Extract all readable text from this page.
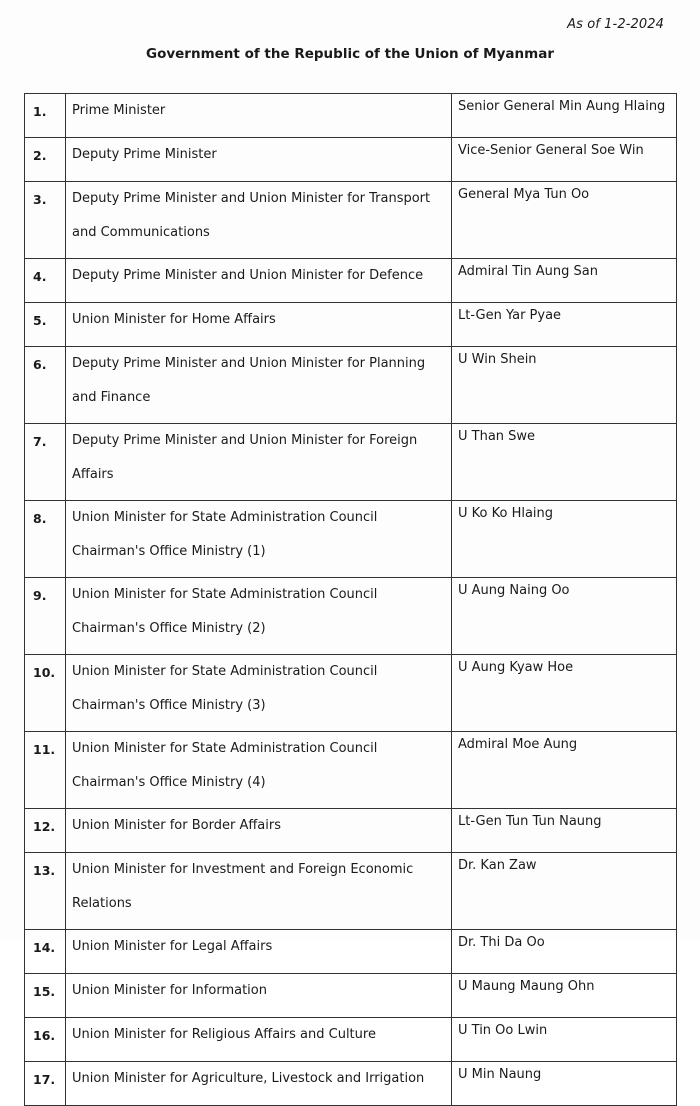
As of 1-2-2024
Government of the Republic of the Union of Myanmar
1.	Prime Minister	Senior General Min Aung Hlaing
2.	Deputy Prime Minister	Vice-Senior General Soe Win
3.	Deputy Prime Minister and Union Minister for Transport
and Communications	General Mya Tun Oo
4.	Deputy Prime Minister and Union Minister for Defence	Admiral Tin Aung San
5.	Union Minister for Home Affairs	Lt-Gen Yar Pyae
6.	Deputy Prime Minister and Union Minister for Planning
and Finance	U Win Shein
7.	Deputy Prime Minister and Union Minister for Foreign
Affairs	U Than Swe
8.	Union Minister for State Administration Council
Chairman's Office Ministry (1)	U Ko Ko Hlaing
9.	Union Minister for State Administration Council
Chairman's Office Ministry (2)	U Aung Naing Oo
10.	Union Minister for State Administration Council
Chairman's Office Ministry (3)	U Aung Kyaw Hoe
11.	Union Minister for State Administration Council
Chairman's Office Ministry (4)	Admiral Moe Aung
12.	Union Minister for Border Affairs	Lt-Gen Tun Tun Naung
13.	Union Minister for Investment and Foreign Economic
Relations	Dr. Kan Zaw
14.	Union Minister for Legal Affairs	Dr. Thi Da Oo
15.	Union Minister for Information	U Maung Maung Ohn
16.	Union Minister for Religious Affairs and Culture	U Tin Oo Lwin
17.	Union Minister for Agriculture, Livestock and Irrigation	U Min Naung
